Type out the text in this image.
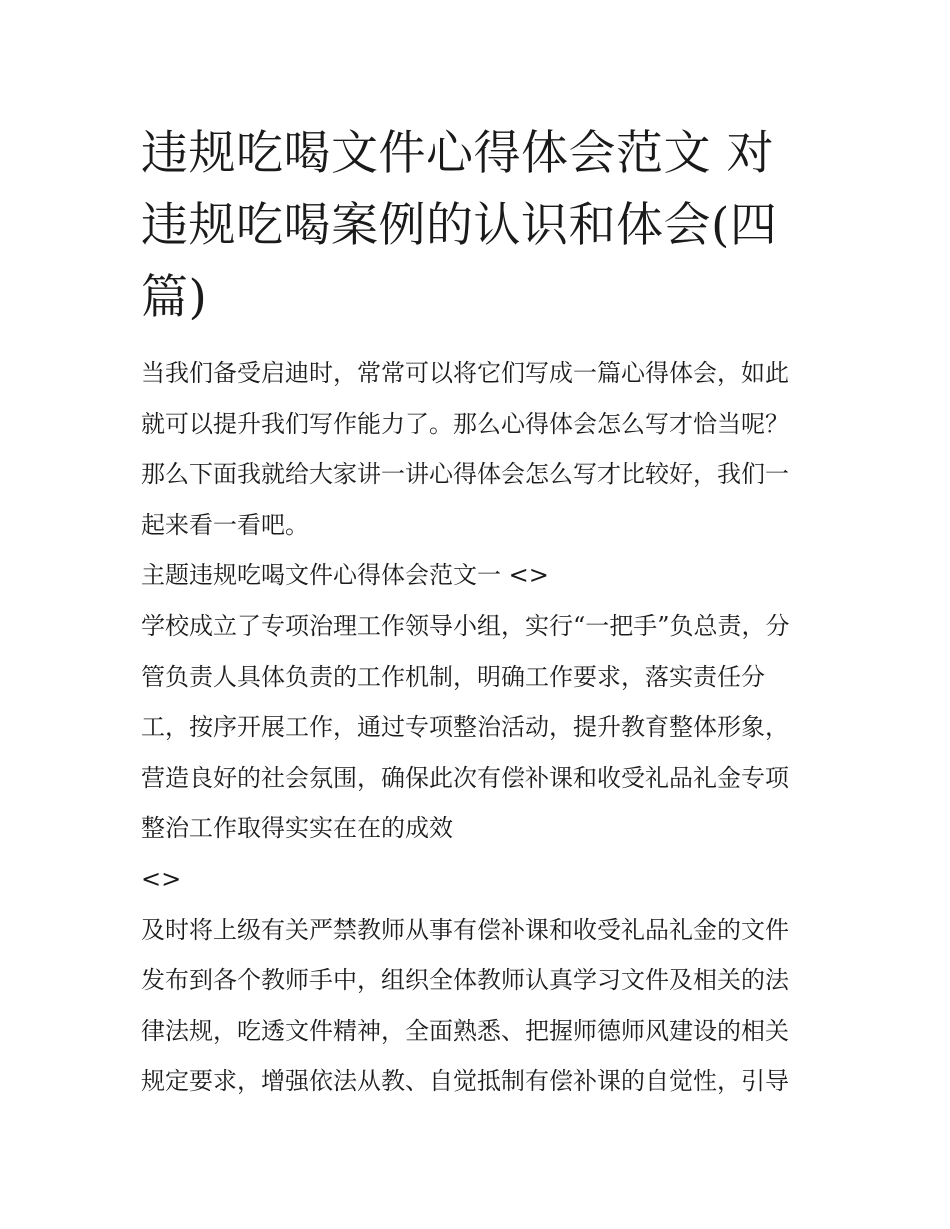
违规吃喝文件心得体会范文 对
违规吃喝案例的认识和体会(四
篇)

当我们备受启迪时，常常可以将它们写成一篇心得体会，如此
就可以提升我们写作能力了。那么心得体会怎么写才恰当呢？
那么下面我就给大家讲一讲心得体会怎么写才比较好，我们一
起来看一看吧。

主题违规吃喝文件心得体会范文一 <>

学校成立了专项治理工作领导小组，实行“一把手”负总责，分
管负责人具体负责的工作机制，明确工作要求，落实责任分
工，按序开展工作，通过专项整治活动，提升教育整体形象，
营造良好的社会氛围，确保此次有偿补课和收受礼品礼金专项
整治工作取得实实在在的成效

<>

及时将上级有关严禁教师从事有偿补课和收受礼品礼金的文件
发布到各个教师手中，组织全体教师认真学习文件及相关的法
律法规，吃透文件精神，全面熟悉、把握师德师风建设的相关
规定要求，增强依法从教、自觉抵制有偿补课的自觉性，引导
